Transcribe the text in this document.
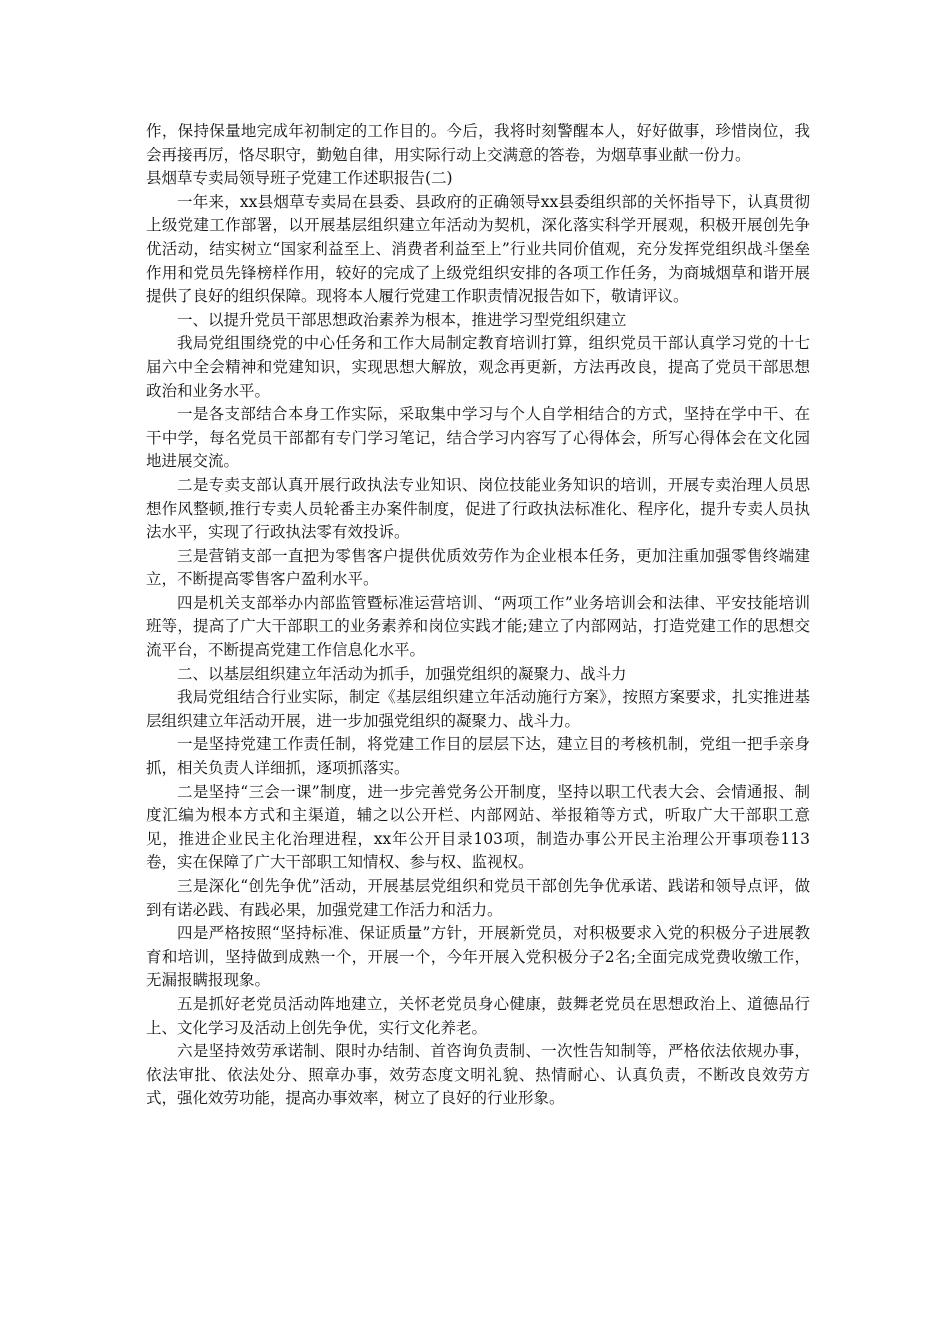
作，保持保量地完成年初制定的工作目的。今后，我将时刻警醒本人，好好做事，珍惜岗位，我会再接再厉，恪尽职守，勤勉自律，用实际行动上交满意的答卷，为烟草事业献一份力。

县烟草专卖局领导班子党建工作述职报告(二)

一年来，xx县烟草专卖局在县委、县政府的正确领导xx县委组织部的关怀指导下，认真贯彻上级党建工作部署，以开展基层组织建立年活动为契机，深化落实科学开展观，积极开展创先争优活动，结实树立“国家利益至上、消费者利益至上”行业共同价值观，充分发挥党组织战斗堡垒作用和党员先锋榜样作用，较好的完成了上级党组织安排的各项工作任务，为商城烟草和谐开展提供了良好的组织保障。现将本人履行党建工作职责情况报告如下，敬请评议。

一、以提升党员干部思想政治素养为根本，推进学习型党组织建立

我局党组围绕党的中心任务和工作大局制定教育培训打算，组织党员干部认真学习党的十七届六中全会精神和党建知识，实现思想大解放，观念再更新，方法再改良，提高了党员干部思想政治和业务水平。

一是各支部结合本身工作实际，采取集中学习与个人自学相结合的方式，坚持在学中干、在干中学，每名党员干部都有专门学习笔记，结合学习内容写了心得体会，所写心得体会在文化园地进展交流。

二是专卖支部认真开展行政执法专业知识、岗位技能业务知识的培训，开展专卖治理人员思想作风整顿,推行专卖人员轮番主办案件制度，促进了行政执法标准化、程序化，提升专卖人员执法水平，实现了行政执法零有效投诉。

三是营销支部一直把为零售客户提供优质效劳作为企业根本任务，更加注重加强零售终端建立，不断提高零售客户盈利水平。

四是机关支部举办内部监管暨标准运营培训、“两项工作”业务培训会和法律、平安技能培训班等，提高了广大干部职工的业务素养和岗位实践才能;建立了内部网站，打造党建工作的思想交流平台，不断提高党建工作信息化水平。

二、以基层组织建立年活动为抓手，加强党组织的凝聚力、战斗力

我局党组结合行业实际，制定《基层组织建立年活动施行方案》，按照方案要求，扎实推进基层组织建立年活动开展，进一步加强党组织的凝聚力、战斗力。

一是坚持党建工作责任制，将党建工作目的层层下达，建立目的考核机制，党组一把手亲身抓，相关负责人详细抓，逐项抓落实。

二是坚持“三会一课”制度，进一步完善党务公开制度，坚持以职工代表大会、会情通报、制度汇编为根本方式和主渠道，辅之以公开栏、内部网站、举报箱等方式，听取广大干部职工意见，推进企业民主化治理进程，xx年公开目录103项，制造办事公开民主治理公开事项卷113卷，实在保障了广大干部职工知情权、参与权、监视权。

三是深化“创先争优”活动，开展基层党组织和党员干部创先争优承诺、践诺和领导点评，做到有诺必践、有践必果，加强党建工作活力和活力。

四是严格按照“坚持标准、保证质量”方针，开展新党员，对积极要求入党的积极分子进展教育和培训，坚持做到成熟一个，开展一个，今年开展入党积极分子2名;全面完成党费收缴工作，无漏报瞒报现象。

五是抓好老党员活动阵地建立，关怀老党员身心健康，鼓舞老党员在思想政治上、道德品行上、文化学习及活动上创先争优，实行文化养老。

六是坚持效劳承诺制、限时办结制、首咨询负责制、一次性告知制等，严格依法依规办事，依法审批、依法处分、照章办事，效劳态度文明礼貌、热情耐心、认真负责，不断改良效劳方式，强化效劳功能，提高办事效率，树立了良好的行业形象。
